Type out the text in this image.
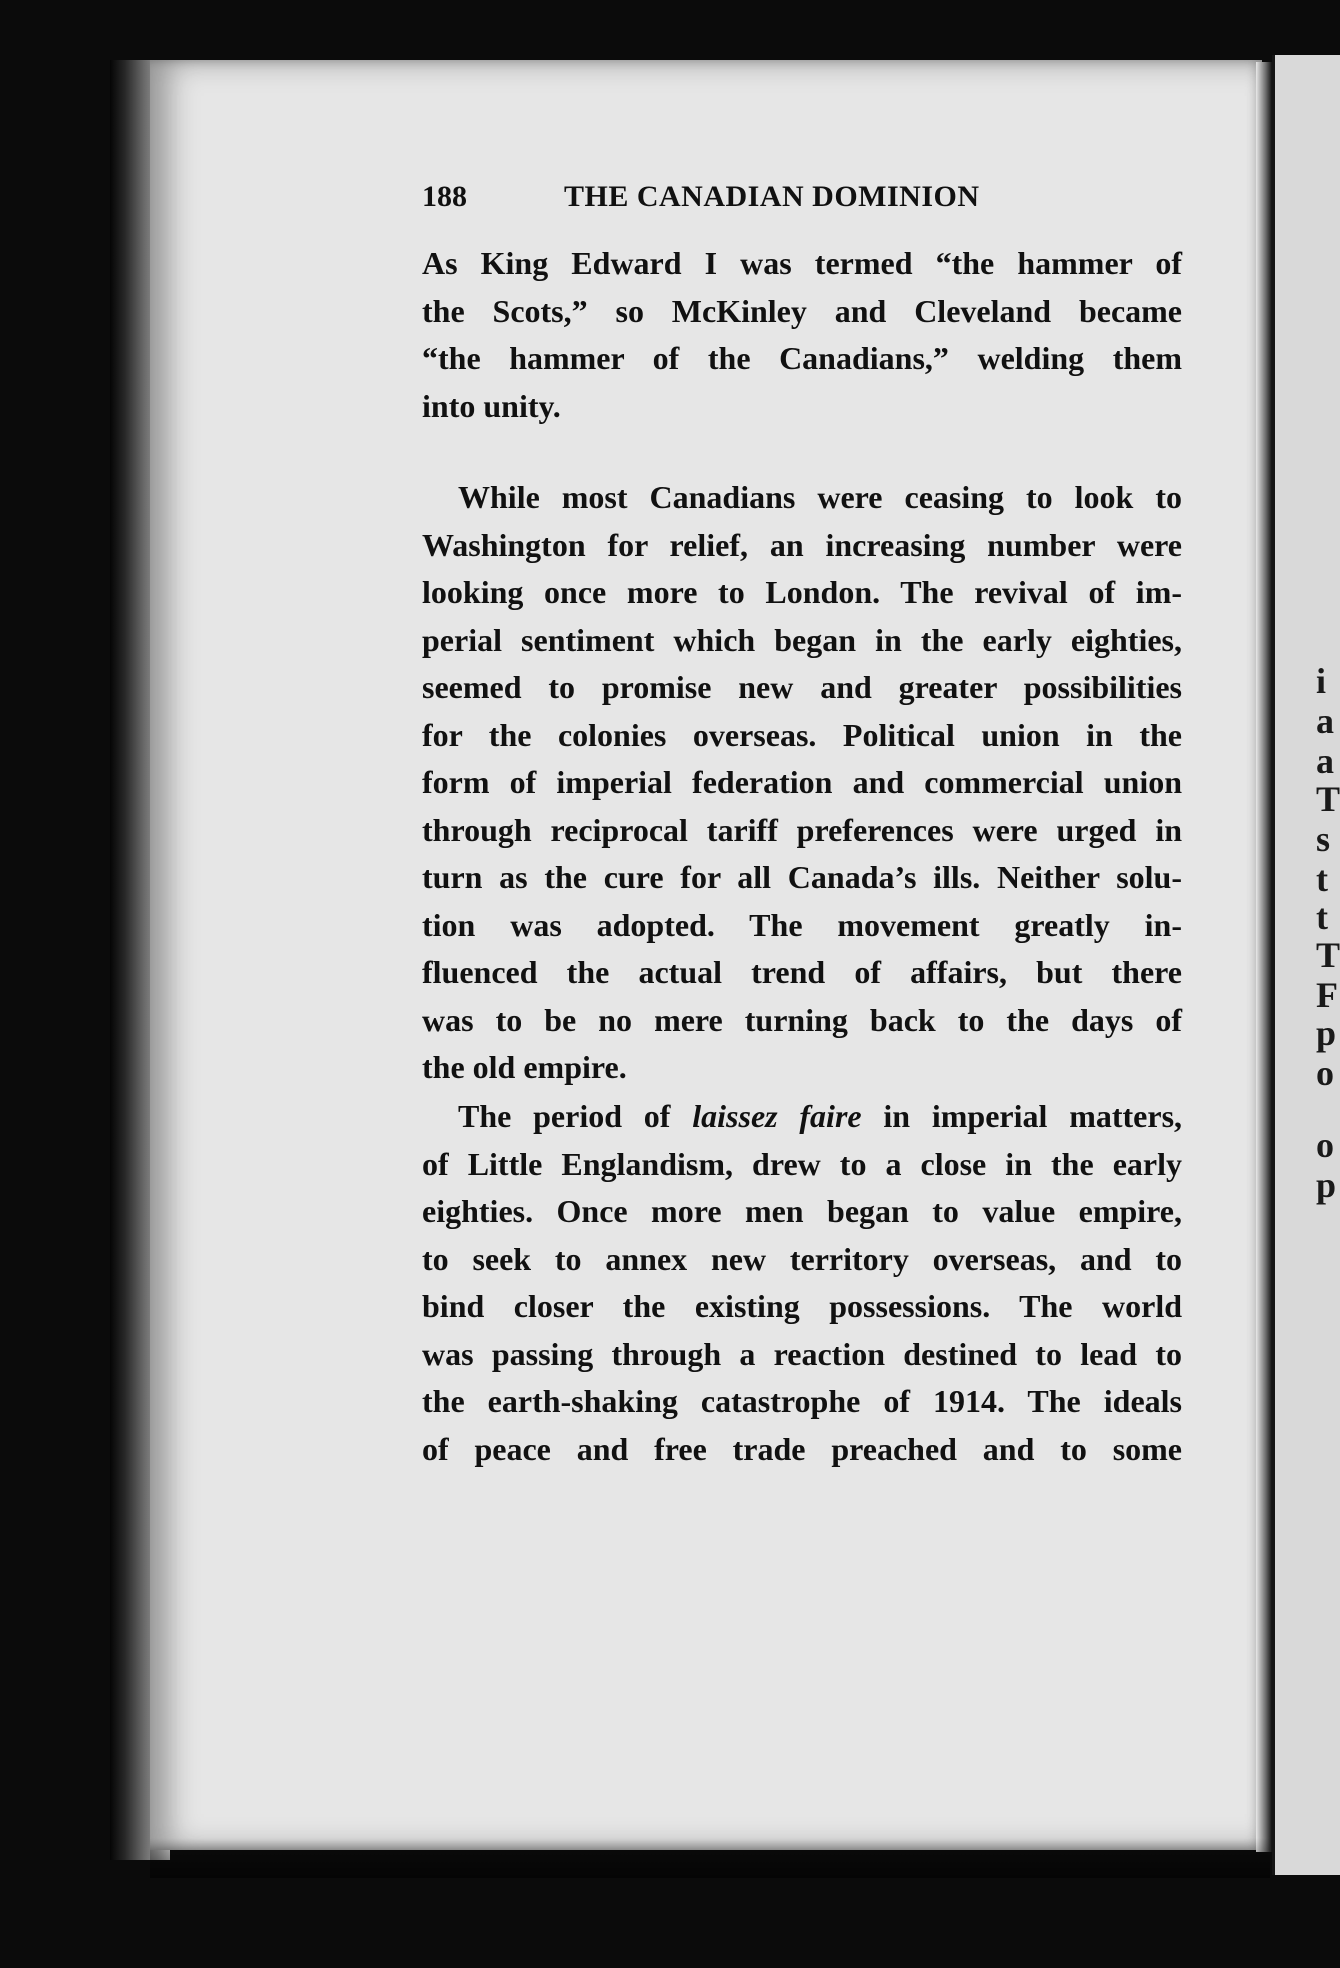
i
a
a
T
s
t
t
T
F
p
o
o
p
188	THE CANADIAN DOMINION
As King Edward I was termed “the hammer of
the Scots,” so McKinley and Cleveland became
“the hammer of the Canadians,” welding them
into unity.
While most Canadians were ceasing to look to
Washington for relief, an increasing number were
looking once more to London. The revival of im-
perial sentiment which began in the early eighties,
seemed to promise new and greater possibilities
for the colonies overseas. Political union in the
form of imperial federation and commercial union
through reciprocal tariff preferences were urged in
turn as the cure for all Canada’s ills. Neither solu-
tion was adopted. The movement greatly in-
fluenced the actual trend of affairs, but there
was to be no mere turning back to the days of
the old empire.
The period of laissez faire in imperial matters,
of Little Englandism, drew to a close in the early
eighties. Once more men began to value empire,
to seek to annex new territory overseas, and to
bind closer the existing possessions. The world
was passing through a reaction destined to lead to
the earth-shaking catastrophe of 1914. The ideals
of peace and free trade preached and to some
